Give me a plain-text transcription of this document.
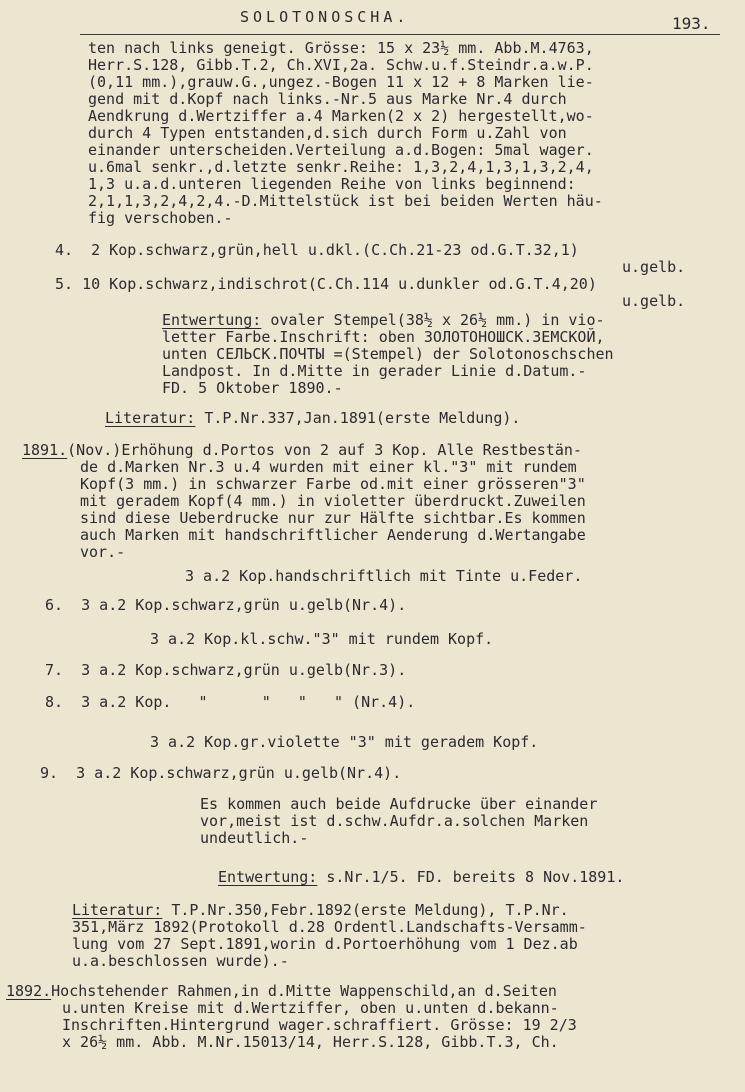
SOLOTONOSCHA.	193.
ten nach links geneigt. Grösse: 15 x 23½ mm. Abb.M.4763,
Herr.S.128, Gibb.T.2, Ch.XVI,2a. Schw.u.f.Steindr.a.w.P.
(0,11 mm.),grauw.G.,ungez.-Bogen 11 x 12 + 8 Marken lie-
gend mit d.Kopf nach links.-Nr.5 aus Marke Nr.4 durch
Aendkrung d.Wertziffer a.4 Marken(2 x 2) hergestellt,wo-
durch 4 Typen entstanden,d.sich durch Form u.Zahl von
einander unterscheiden.Verteilung a.d.Bogen: 5mal wager.
u.6mal senkr.,d.letzte senkr.Reihe: 1,3,2,4,1,3,1,3,2,4,
1,3 u.a.d.unteren liegenden Reihe von links beginnend:
2,1,1,3,2,4,2,4.-D.Mittelstück ist bei beiden Werten häu-
fig verschoben.-
4.  2 Kop.schwarz,grün,hell u.dkl.(C.Ch.21-23 od.G.T.32,1)
u.gelb.
5. 10 Kop.schwarz,indischrot(C.Ch.114 u.dunkler od.G.T.4,20)
u.gelb.
Entwertung: ovaler Stempel(38½ x 26½ mm.) in vio-
letter Farbe.Inschrift: oben ЗОЛОТОНОШСК.ЗЕМСКОЙ,
unten СЕЛЬСК.ПОЧТЫ =(Stempel) der Solotonoschschen
Landpost. In d.Mitte in gerader Linie d.Datum.-
FD. 5 Oktober 1890.-
Literatur: T.P.Nr.337,Jan.1891(erste Meldung).
1891.(Nov.)Erhöhung d.Portos von 2 auf 3 Kop. Alle Restbestän-
de d.Marken Nr.3 u.4 wurden mit einer kl."3" mit rundem
Kopf(3 mm.) in schwarzer Farbe od.mit einer grösseren"3"
mit geradem Kopf(4 mm.) in violetter überdruckt.Zuweilen
sind diese Ueberdrucke nur zur Hälfte sichtbar.Es kommen
auch Marken mit handschriftlicher Aenderung d.Wertangabe
vor.-
3 a.2 Kop.handschriftlich mit Tinte u.Feder.
6.  3 a.2 Kop.schwarz,grün u.gelb(Nr.4).
3 a.2 Kop.kl.schw."3" mit rundem Kopf.
7.  3 a.2 Kop.schwarz,grün u.gelb(Nr.3).
8.  3 a.2 Kop.   "      "   "   " (Nr.4).
3 a.2 Kop.gr.violette "3" mit geradem Kopf.
9.  3 a.2 Kop.schwarz,grün u.gelb(Nr.4).
Es kommen auch beide Aufdrucke über einander
vor,meist ist d.schw.Aufdr.a.solchen Marken
undeutlich.-
Entwertung: s.Nr.1/5. FD. bereits 8 Nov.1891.
Literatur: T.P.Nr.350,Febr.1892(erste Meldung), T.P.Nr.
351,März 1892(Protokoll d.28 Ordentl.Landschafts-Versamm-
lung vom 27 Sept.1891,worin d.Portoerhöhung vom 1 Dez.ab
u.a.beschlossen wurde).-
1892.Hochstehender Rahmen,in d.Mitte Wappenschild,an d.Seiten
u.unten Kreise mit d.Wertziffer, oben u.unten d.bekann-
Inschriften.Hintergrund wager.schraffiert. Grösse: 19 2/3
x 26½ mm. Abb. M.Nr.15013/14, Herr.S.128, Gibb.T.3, Ch.
